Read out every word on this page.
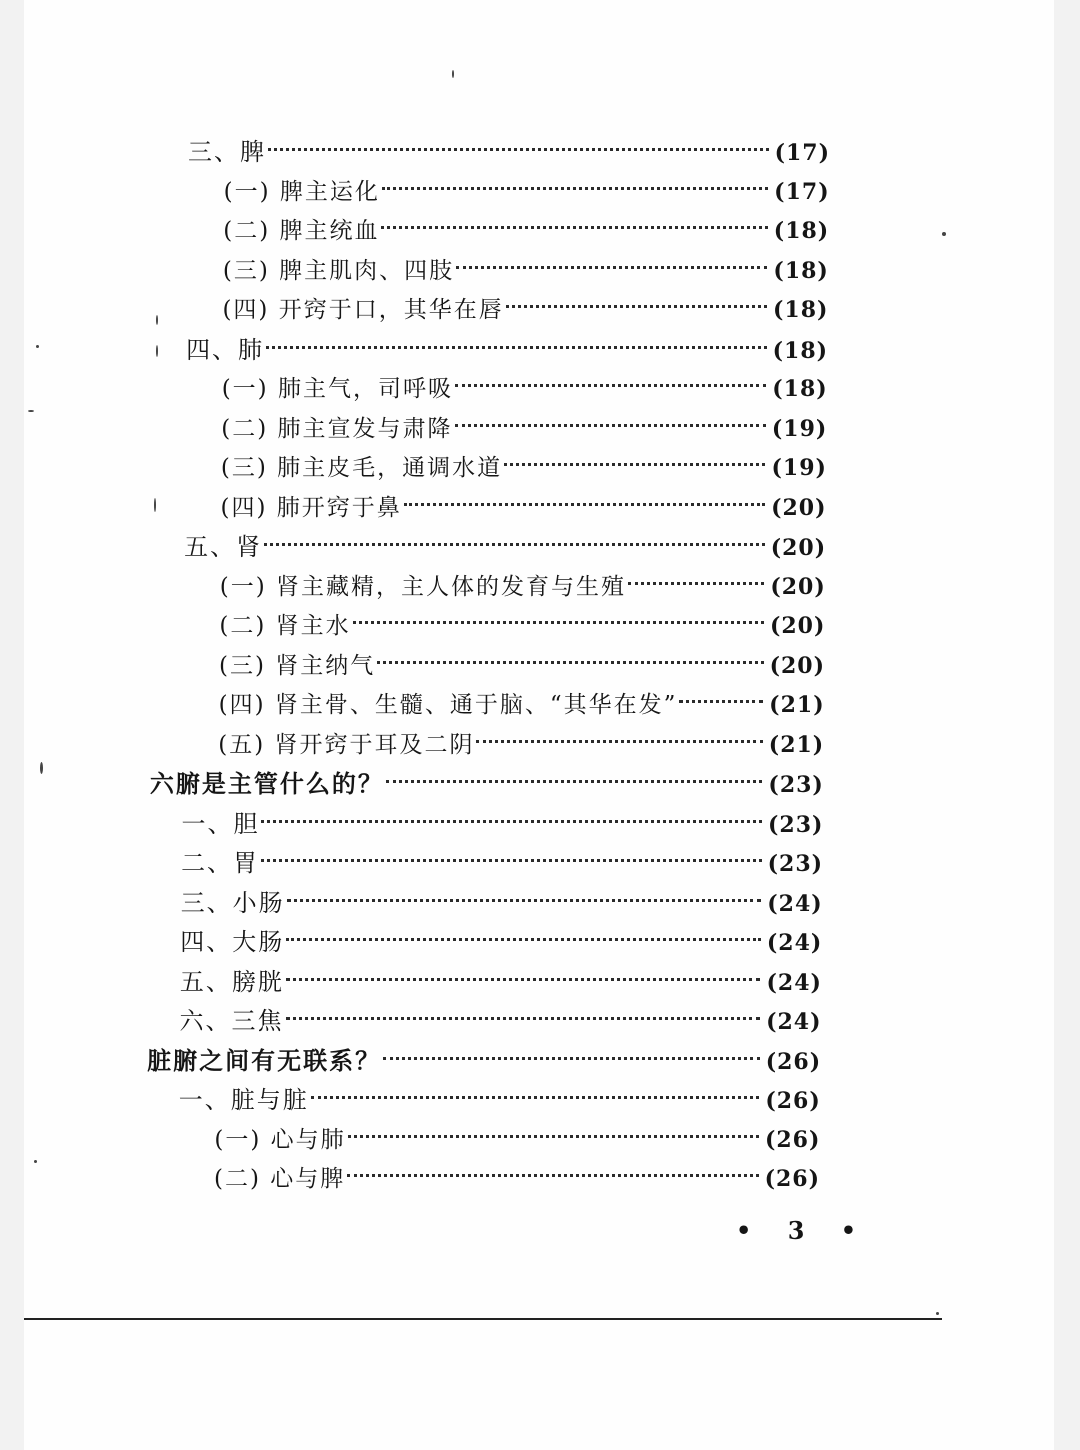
三、脾	(17)
(一) 脾主运化	(17)
(二) 脾主统血	(18)
(三) 脾主肌肉、四肢	(18)
(四) 开窍于口，其华在唇	(18)
四、肺	(18)
(一) 肺主气，司呼吸	(18)
(二) 肺主宣发与肃降	(19)
(三) 肺主皮毛，通调水道	(19)
(四) 肺开窍于鼻	(20)
五、肾	(20)
(一) 肾主藏精，主人体的发育与生殖	(20)
(二) 肾主水	(20)
(三) 肾主纳气	(20)
(四) 肾主骨、生髓、通于脑、“其华在发”	(21)
(五) 肾开窍于耳及二阴	(21)
六腑是主管什么的？	(23)
一、胆	(23)
二、胃	(23)
三、小肠	(24)
四、大肠	(24)
五、膀胱	(24)
六、三焦	(24)
脏腑之间有无联系？	(26)
一、脏与脏	(26)
(一) 心与肺	(26)
(二) 心与脾	(26)
• 3 •
